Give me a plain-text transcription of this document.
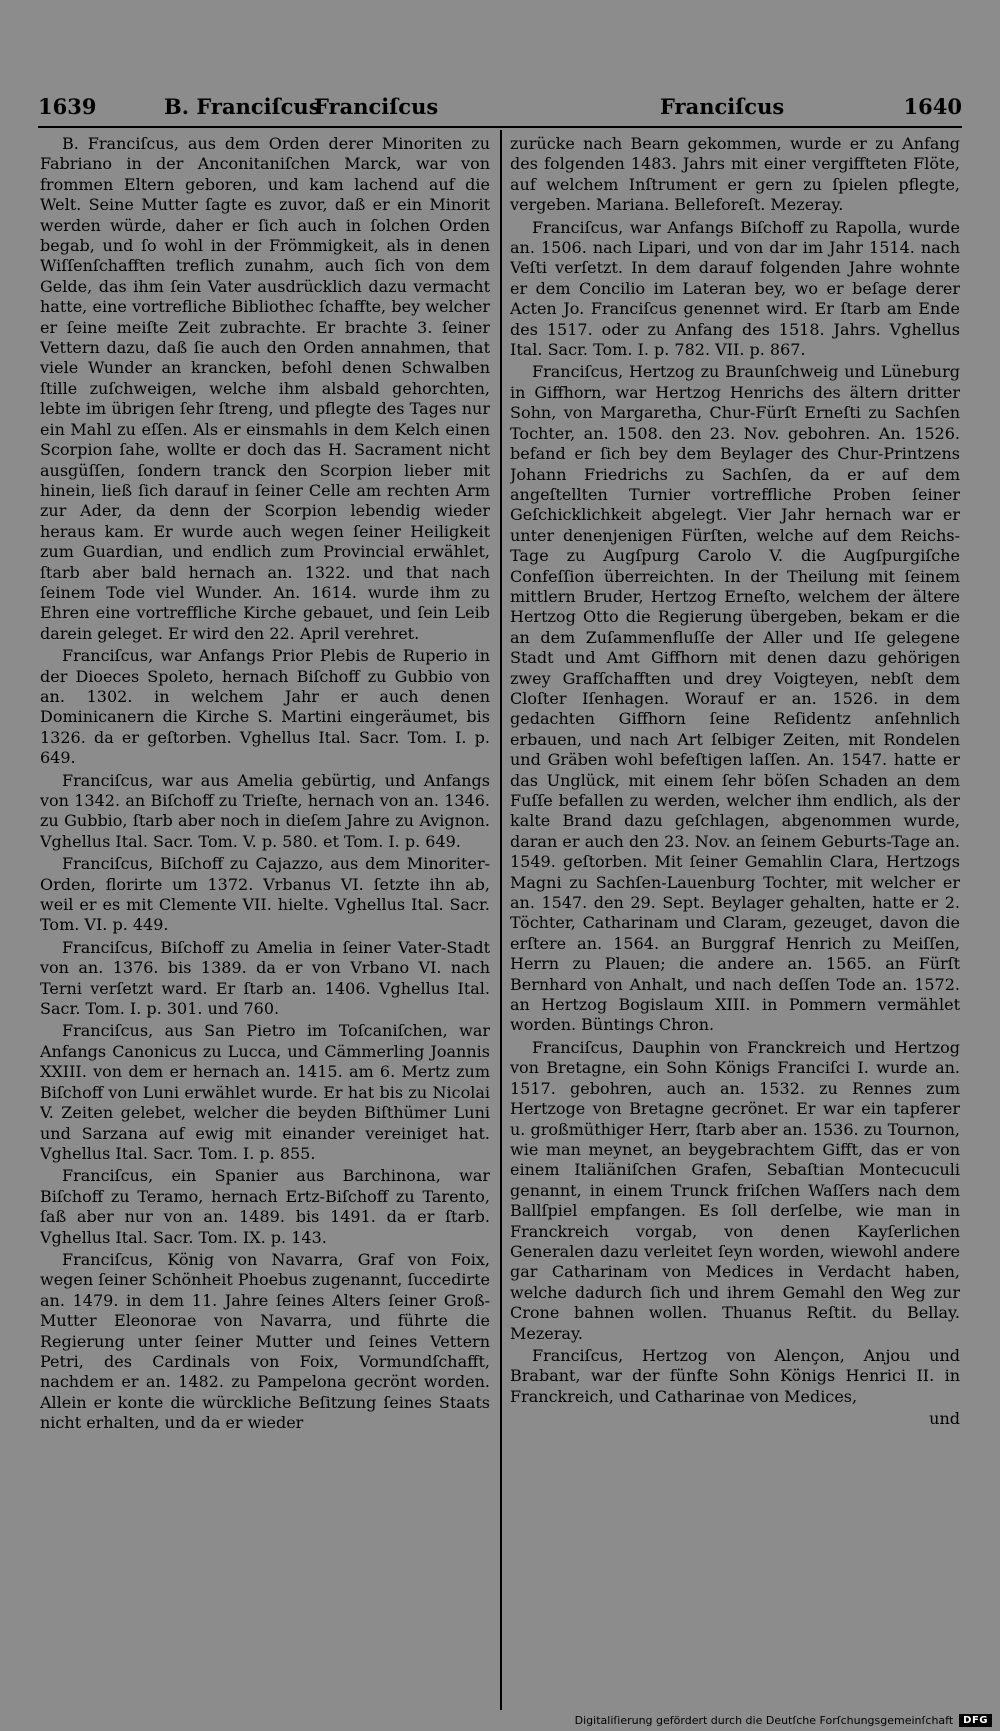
1639	B. Franciſcus
Franciſcus	Franciſcus	1640

B. Franciſcus, aus dem Orden derer Minoriten zu Fabriano in der Anconitaniſchen Marck, war von frommen Eltern geboren, und kam lachend auf die Welt. Seine Mutter ſagte es zuvor, daß er ein Minorit werden würde, daher er ſich auch in ſolchen Orden begab, und ſo wohl in der Frömmigkeit, als in denen Wiſſenſchafften treflich zunahm, auch ſich von dem Gelde, das ihm ſein Vater ausdrücklich dazu vermacht hatte, eine vortrefliche Bibliothec ſchaffte, bey welcher er ſeine meiſte Zeit zubrachte. Er brachte 3. ſeiner Vettern dazu, daß ſie auch den Orden annahmen, that viele Wunder an krancken, befohl denen Schwalben ſtille zuſchweigen, welche ihm alsbald gehorchten, lebte im übrigen ſehr ſtreng, und pflegte des Tages nur ein Mahl zu eſſen. Als er einsmahls in dem Kelch einen Scorpion ſahe, wollte er doch das H. Sacrament nicht ausgüſſen, ſondern tranck den Scorpion lieber mit hinein, ließ ſich darauf in ſeiner Celle am rechten Arm zur Ader, da denn der Scorpion lebendig wieder heraus kam. Er wurde auch wegen ſeiner Heiligkeit zum Guardian, und endlich zum Provincial erwählet, ſtarb aber bald hernach an. 1322. und that nach ſeinem Tode viel Wunder. An. 1614. wurde ihm zu Ehren eine vortreffliche Kirche gebauet, und ſein Leib darein geleget. Er wird den 22. April verehret.

Franciſcus, war Anfangs Prior Plebis de Ruperio in der Dioeces Spoleto, hernach Biſchoff zu Gubbio von an. 1302. in welchem Jahr er auch denen Dominicanern die Kirche S. Martini eingeräumet, bis 1326. da er geſtorben. Vghellus Ital. Sacr. Tom. I. p. 649.

Franciſcus, war aus Amelia gebürtig, und Anfangs von 1342. an Biſchoff zu Trieſte, hernach von an. 1346. zu Gubbio, ſtarb aber noch in dieſem Jahre zu Avignon. Vghellus Ital. Sacr. Tom. V. p. 580. et Tom. I. p. 649.

Franciſcus, Biſchoff zu Cajazzo, aus dem Minoriter-Orden, florirte um 1372. Vrbanus VI. ſetzte ihn ab, weil er es mit Clemente VII. hielte. Vghellus Ital. Sacr. Tom. VI. p. 449.

Franciſcus, Biſchoff zu Amelia in ſeiner Vater-Stadt von an. 1376. bis 1389. da er von Vrbano VI. nach Terni verſetzt ward. Er ſtarb an. 1406. Vghellus Ital. Sacr. Tom. I. p. 301. und 760.

Franciſcus, aus San Pietro im Toſcaniſchen, war Anfangs Canonicus zu Lucca, und Cämmerling Joannis XXIII. von dem er hernach an. 1415. am 6. Mertz zum Biſchoff von Luni erwählet wurde. Er hat bis zu Nicolai V. Zeiten gelebet, welcher die beyden Biſthümer Luni und Sarzana auf ewig mit einander vereiniget hat. Vghellus Ital. Sacr. Tom. I. p. 855.

Franciſcus, ein Spanier aus Barchinona, war Biſchoff zu Teramo, hernach Ertz-Biſchoff zu Tarento, ſaß aber nur von an. 1489. bis 1491. da er ſtarb. Vghellus Ital. Sacr. Tom. IX. p. 143.

Franciſcus, König von Navarra, Graf von Foix, wegen ſeiner Schönheit Phoebus zugenannt, ſuccedirte an. 1479. in dem 11. Jahre ſeines Alters ſeiner Groß-Mutter Eleonorae von Navarra, und führte die Regierung unter ſeiner Mutter und ſeines Vettern Petri, des Cardinals von Foix, Vormundſchafft, nachdem er an. 1482. zu Pampelona gecrönt worden. Allein er konte die würckliche Beſitzung ſeines Staats nicht erhalten, und da er wieder

zurücke nach Bearn gekommen, wurde er zu Anfang des folgenden 1483. Jahrs mit einer vergiffteten Flöte, auf welchem Inſtrument er gern zu ſpielen pflegte, vergeben. Mariana. Belleforeſt. Mezeray.

Franciſcus, war Anfangs Biſchoff zu Rapolla, wurde an. 1506. nach Lipari, und von dar im Jahr 1514. nach Veſti verſetzt. In dem darauf folgenden Jahre wohnte er dem Concilio im Lateran bey, wo er beſage derer Acten Jo. Franciſcus genennet wird. Er ſtarb am Ende des 1517. oder zu Anfang des 1518. Jahrs. Vghellus Ital. Sacr. Tom. I. p. 782. VII. p. 867.

Franciſcus, Hertzog zu Braunſchweig und Lüneburg in Giffhorn, war Hertzog Henrichs des ältern dritter Sohn, von Margaretha, Chur-Fürſt Erneſti zu Sachſen Tochter, an. 1508. den 23. Nov. gebohren. An. 1526. befand er ſich bey dem Beylager des Chur-Printzens Johann Friedrichs zu Sachſen, da er auf dem angeſtellten Turnier vortreffliche Proben ſeiner Geſchicklichkeit abgelegt. Vier Jahr hernach war er unter denenjenigen Fürſten, welche auf dem Reichs-Tage zu Augſpurg Carolo V. die Augſpurgiſche Confeſſion überreichten. In der Theilung mit ſeinem mittlern Bruder, Hertzog Erneſto, welchem der ältere Hertzog Otto die Regierung übergeben, bekam er die an dem Zuſammenfluſſe der Aller und Iſe gelegene Stadt und Amt Giffhorn mit denen dazu gehörigen zwey Grafſchafften und drey Voigteyen, nebſt dem Cloſter Iſenhagen. Worauf er an. 1526. in dem gedachten Giffhorn ſeine Reſidentz anſehnlich erbauen, und nach Art ſelbiger Zeiten, mit Rondelen und Gräben wohl befeſtigen laſſen. An. 1547. hatte er das Unglück, mit einem ſehr böſen Schaden an dem Fuſſe befallen zu werden, welcher ihm endlich, als der kalte Brand dazu geſchlagen, abgenommen wurde, daran er auch den 23. Nov. an ſeinem Geburts-Tage an. 1549. geſtorben. Mit ſeiner Gemahlin Clara, Hertzogs Magni zu Sachſen-Lauenburg Tochter, mit welcher er an. 1547. den 29. Sept. Beylager gehalten, hatte er 2. Töchter, Catharinam und Claram, gezeuget, davon die erſtere an. 1564. an Burggraf Henrich zu Meiſſen, Herrn zu Plauen; die andere an. 1565. an Fürſt Bernhard von Anhalt, und nach deſſen Tode an. 1572. an Hertzog Bogislaum XIII. in Pommern vermählet worden. Büntings Chron.

Franciſcus, Dauphin von Franckreich und Hertzog von Bretagne, ein Sohn Königs Franciſci I. wurde an. 1517. gebohren, auch an. 1532. zu Rennes zum Hertzoge von Bretagne gecrönet. Er war ein tapferer u. großmüthiger Herr, ſtarb aber an. 1536. zu Tournon, wie man meynet, an beygebrachtem Gifft, das er von einem Italiäniſchen Grafen, Sebaſtian Montecuculi genannt, in einem Trunck friſchen Waſſers nach dem Ballſpiel empfangen. Es ſoll derſelbe, wie man in Franckreich vorgab, von denen Kayſerlichen Generalen dazu verleitet ſeyn worden, wiewohl andere gar Catharinam von Medices in Verdacht haben, welche dadurch ſich und ihrem Gemahl den Weg zur Crone bahnen wollen. Thuanus Reſtit. du Bellay. Mezeray.

Franciſcus, Hertzog von Alençon, Anjou und Brabant, war der fünfte Sohn Königs Henrici II. in Franckreich, und Catharinae von Medices,

und

Digitaliſierung gefördert durch die Deutſche Forſchungsgemeinſchaft	DFG
